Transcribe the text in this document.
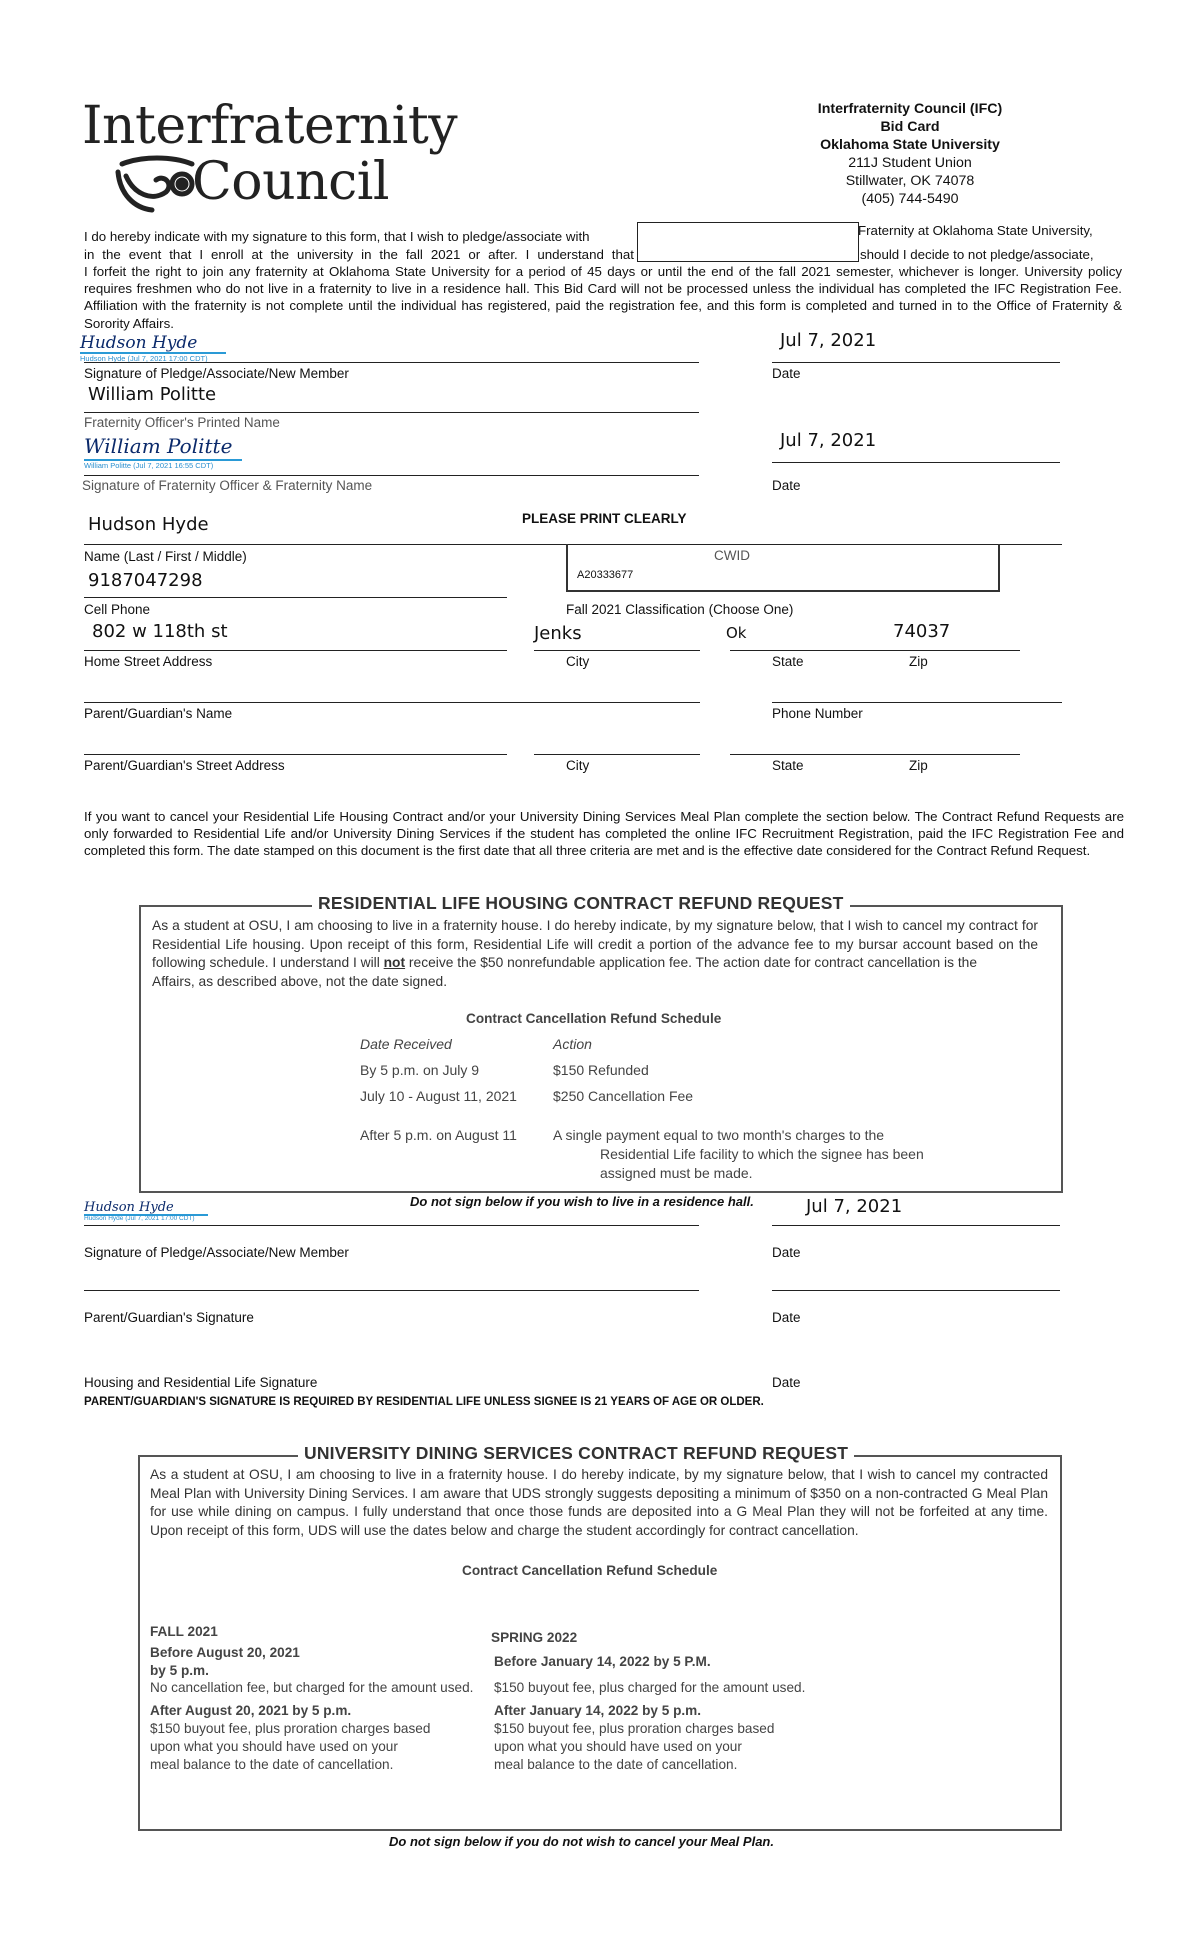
Interfraternity
Council
Interfraternity Council (IFC)
Bid Card
Oklahoma State University
211J Student Union
Stillwater, OK 74078
(405) 744-5490
I do hereby indicate with my signature to this form, that I wish to pledge/associate with	Fraternity at Oklahoma State University,
in the event that I enroll at the university in the fall 2021 or after. I understand that	should I decide to not pledge/associate,
I forfeit the right to join any fraternity at Oklahoma State University for a period of 45 days or until the end of the fall 2021 semester, whichever is longer. University policy requires freshmen who do not live in a fraternity to live in a residence hall. This Bid Card will not be processed unless the individual has completed the IFC Registration Fee. Affiliation with the fraternity is not complete until the individual has registered, paid the registration fee, and this form is completed and turned in to the Office of Fraternity & Sorority Affairs.
Hudson Hyde
Hudson Hyde (Jul 7, 2021 17:00 CDT)
Signature of Pledge/Associate/New Member
Jul 7, 2021
Date
William Politte
Fraternity Officer's Printed Name
William Politte
William Politte (Jul 7, 2021 16:55 CDT)
Jul 7, 2021
Signature of Fraternity Officer & Fraternity Name	Date
Hudson Hyde	PLEASE PRINT CLEARLY
Name (Last / First / Middle)	CWID
A20333677
9187047298
Cell Phone	Fall 2021 Classification (Choose One)
802 w 118th st	Jenks	Ok	74037
Home Street Address	City	State	Zip
Parent/Guardian's Name	Phone Number
Parent/Guardian's Street Address	City	State	Zip
If you want to cancel your Residential Life Housing Contract and/or your University Dining Services Meal Plan complete the section below. The Contract Refund Requests are only forwarded to Residential Life and/or University Dining Services if the student has completed the online IFC Recruitment Registration, paid the IFC Registration Fee and completed this form. The date stamped on this document is the first date that all three criteria are met and is the effective date considered for the Contract Refund Request.
RESIDENTIAL LIFE HOUSING CONTRACT REFUND REQUEST
As a student at OSU, I am choosing to live in a fraternity house. I do hereby indicate, by my signature below, that I wish to cancel my contract for Residential Life housing. Upon receipt of this form, Residential Life will credit a portion of the advance fee to my bursar account based on the following schedule. I understand I will not receive the $50 nonrefundable application fee. The action date for contract cancellation is the
Affairs, as described above, not the date signed.
Contract Cancellation Refund Schedule
Date Received	Action
By 5 p.m. on July 9	$150 Refunded
July 10 - August 11, 2021	$250 Cancellation Fee
After 5 p.m. on August 11	A single payment equal to two month's charges to the
Residential Life facility to which the signee has been
assigned must be made.
Hudson Hyde
Hudson Hyde (Jul 7, 2021 17:00 CDT)
Do not sign below if you wish to live in a residence hall.	Jul 7, 2021
Signature of Pledge/Associate/New Member	Date
Parent/Guardian's Signature	Date
Housing and Residential Life Signature	Date
PARENT/GUARDIAN'S SIGNATURE IS REQUIRED BY RESIDENTIAL LIFE UNLESS SIGNEE IS 21 YEARS OF AGE OR OLDER.
UNIVERSITY DINING SERVICES CONTRACT REFUND REQUEST
As a student at OSU, I am choosing to live in a fraternity house. I do hereby indicate, by my signature below, that I wish to cancel my contracted Meal Plan with University Dining Services. I am aware that UDS strongly suggests depositing a minimum of $350 on a non-contracted G Meal Plan for use while dining on campus. I fully understand that once those funds are deposited into a G Meal Plan they will not be forfeited at any time. Upon receipt of this form, UDS will use the dates below and charge the student accordingly for contract cancellation.
Contract Cancellation Refund Schedule
FALL 2021
Before August 20, 2021
by 5 p.m.
No cancellation fee, but charged for the amount used.
After August 20, 2021 by 5 p.m.
$150 buyout fee, plus proration charges based
upon what you should have used on your
meal balance to the date of cancellation.
SPRING 2022
Before January 14, 2022 by 5 P.M.
$150 buyout fee, plus charged for the amount used.
After January 14, 2022 by 5 p.m.
$150 buyout fee, plus proration charges based
upon what you should have used on your
meal balance to the date of cancellation.
Do not sign below if you do not wish to cancel your Meal Plan.
